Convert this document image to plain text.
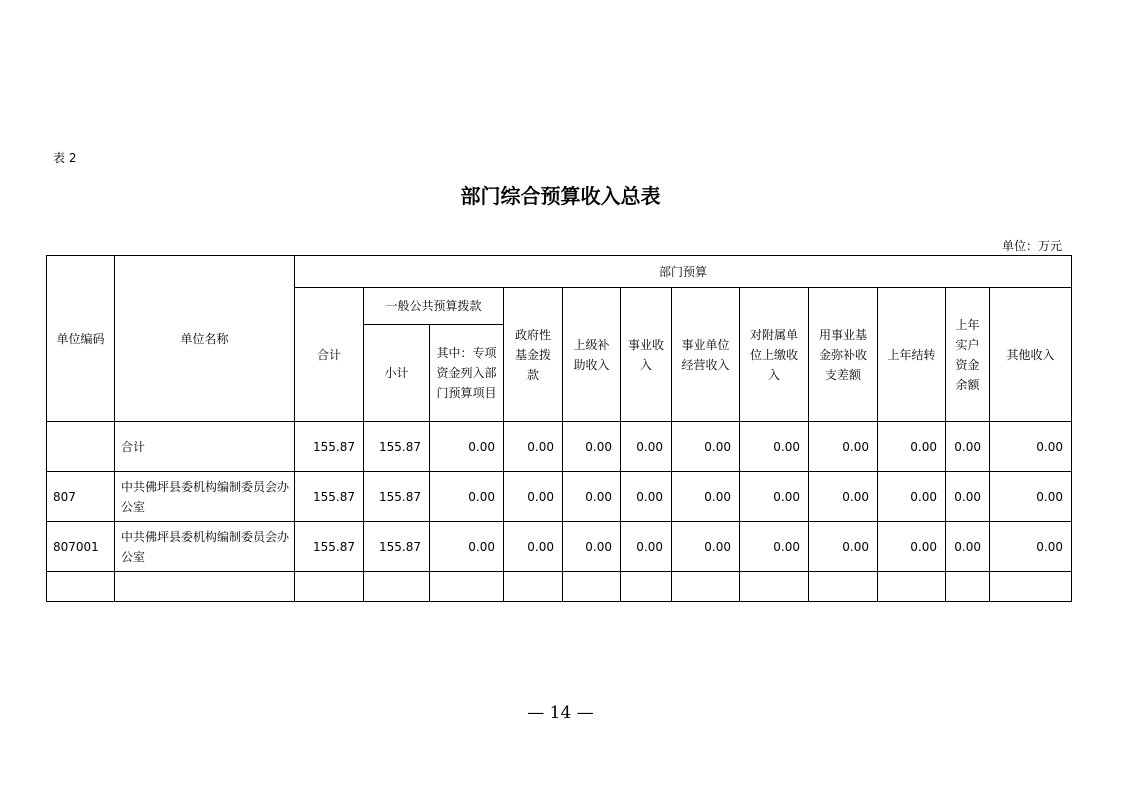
表 2
部门综合预算收入总表
单位：万元
单位编码	单位名称	部门预算											
		合计	一般公共预算拨款		政府性基金拨款	上级补助收入	事业收入	事业单位经营收入	对附属单位上缴收入	用事业基金弥补收支差额	上年结转	上年实户资金余额	其他收入
			小计	其中：专项资金列入部门预算项目									
	合计	155.87	155.87	0.00	0.00	0.00	0.00	0.00	0.00	0.00	0.00	0.00	0.00
807	中共佛坪县委机构编制委员会办公室	155.87	155.87	0.00	0.00	0.00	0.00	0.00	0.00	0.00	0.00	0.00	0.00
807001	中共佛坪县委机构编制委员会办公室	155.87	155.87	0.00	0.00	0.00	0.00	0.00	0.00	0.00	0.00	0.00	0.00

— 14 —
